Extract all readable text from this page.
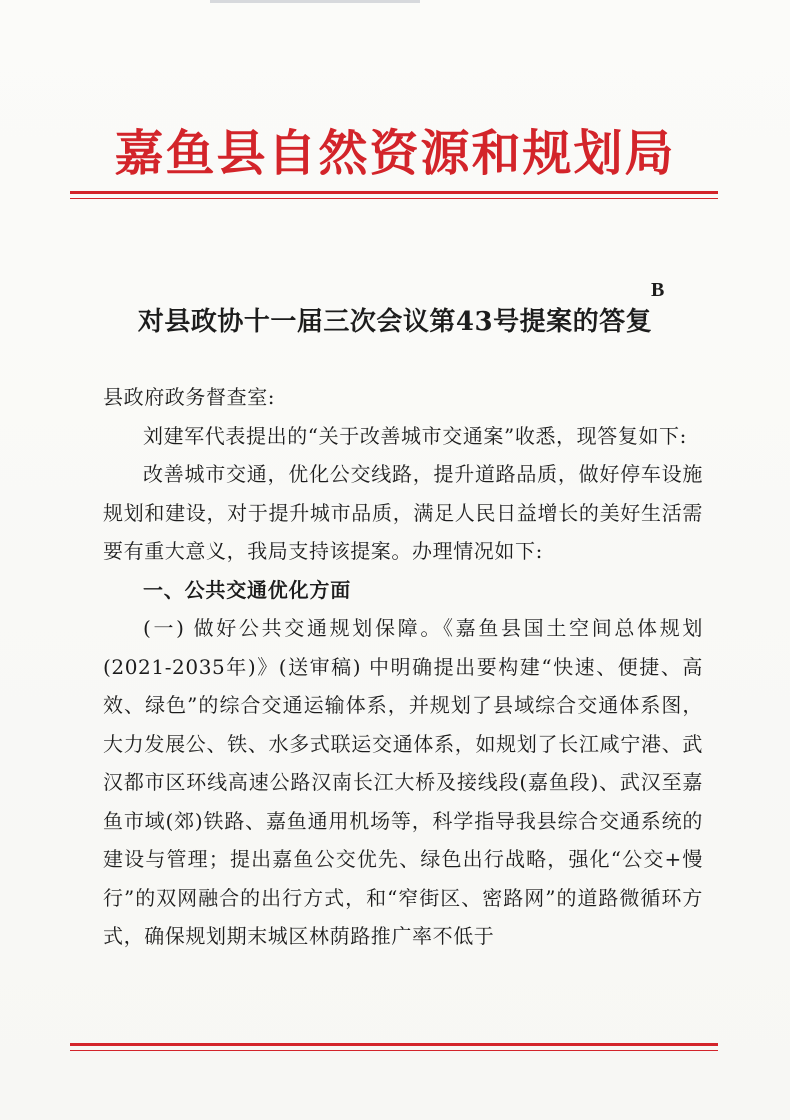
嘉鱼县自然资源和规划局
B
对县政协十一届三次会议第43号提案的答复

县政府政务督查室:

刘建军代表提出的“关于改善城市交通案”收悉，现答复如下:

改善城市交通，优化公交线路，提升道路品质，做好停车设施规划和建设，对于提升城市品质，满足人民日益增长的美好生活需要有重大意义，我局支持该提案。办理情况如下:

一、公共交通优化方面

(一) 做好公共交通规划保障。《嘉鱼县国土空间总体规划(2021-2035年)》(送审稿) 中明确提出要构建“快速、便捷、高效、绿色”的综合交通运输体系，并规划了县域综合交通体系图，大力发展公、铁、水多式联运交通体系，如规划了长江咸宁港、武汉都市区环线高速公路汉南长江大桥及接线段(嘉鱼段)、武汉至嘉鱼市域(郊)铁路、嘉鱼通用机场等，科学指导我县综合交通系统的建设与管理；提出嘉鱼公交优先、绿色出行战略，强化“公交+慢行”的双网融合的出行方式，和“窄街区、密路网”的道路微循环方式，确保规划期末城区林荫路推广率不低于
